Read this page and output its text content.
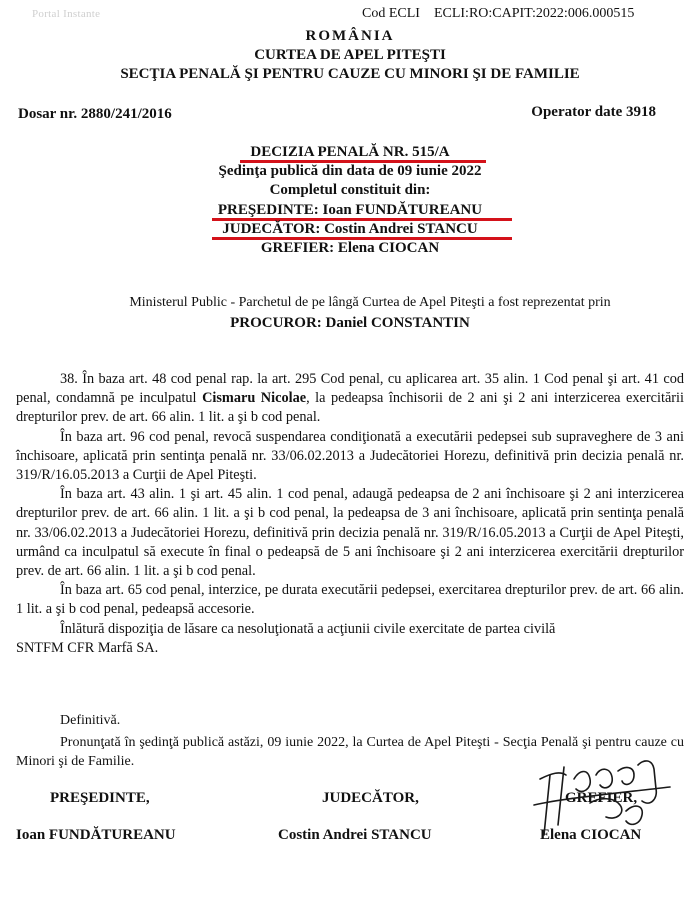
Portal Instante	Cod ECLI ECLI:RO:CAPIT:2022:006.000515
ROMÂNIA
CURTEA DE APEL PITEŞTI
SECŢIA PENALĂ ŞI PENTRU CAUZE CU MINORI ŞI DE FAMILIE
Dosar nr. 2880/241/2016	Operator date 3918
DECIZIA PENALĂ NR. 515/A
Şedinţa publică din data de 09 iunie 2022
Completul constituit din:
PREŞEDINTE: Ioan FUNDĂTUREANU
JUDECĂTOR: Costin Andrei STANCU
GREFIER: Elena CIOCAN
Ministerul Public - Parchetul de pe lângă Curtea de Apel Piteşti a fost reprezentat prin
PROCUROR: Daniel CONSTANTIN

38. În baza art. 48 cod penal rap. la art. 295 Cod penal, cu aplicarea art. 35 alin. 1 Cod penal şi art. 41 cod penal, condamnă pe inculpatul Cismaru Nicolae, la pedeapsa închisorii de 2 ani şi 2 ani interzicerea exercitării drepturilor prev. de art. 66 alin. 1 lit. a şi b cod penal.

În baza art. 96 cod penal, revocă suspendarea condiţionată a executării pedepsei sub supraveghere de 3 ani închisoare, aplicată prin sentinţa penală nr. 33/06.02.2013 a Judecătoriei Horezu, definitivă prin decizia penală nr. 319/R/16.05.2013 a Curţii de Apel Piteşti.

În baza art. 43 alin. 1 şi art. 45 alin. 1 cod penal, adaugă pedeapsa de 2 ani închisoare şi 2 ani interzicerea drepturilor prev. de art. 66 alin. 1 lit. a şi b cod penal, la pedeapsa de 3 ani închisoare, aplicată prin sentinţa penală nr. 33/06.02.2013 a Judecătoriei Horezu, definitivă prin decizia penală nr. 319/R/16.05.2013 a Curţii de Apel Piteşti, urmând ca inculpatul să execute în final o pedeapsă de 5 ani închisoare şi 2 ani interzicerea exercitării drepturilor prev. de art. 66 alin. 1 lit. a şi b cod penal.

În baza art. 65 cod penal, interzice, pe durata executării pedepsei, exercitarea drepturilor prev. de art. 66 alin. 1 lit. a şi b cod penal, pedeapsă accesorie.

Înlătură dispoziţia de lăsare ca nesoluţionată a acţiunii civile exercitate de partea civilă

SNTFM CFR Marfă SA.

Definitivă.
Pronunţată în şedinţă publică astăzi, 09 iunie 2022, la Curtea de Apel Piteşti - Secţia Penală şi pentru cauze cu Minori şi de Familie.
PREŞEDINTE,	JUDECĂTOR,	GREFIER,
Ioan FUNDĂTUREANU	Costin Andrei STANCU	Elena CIOCAN
